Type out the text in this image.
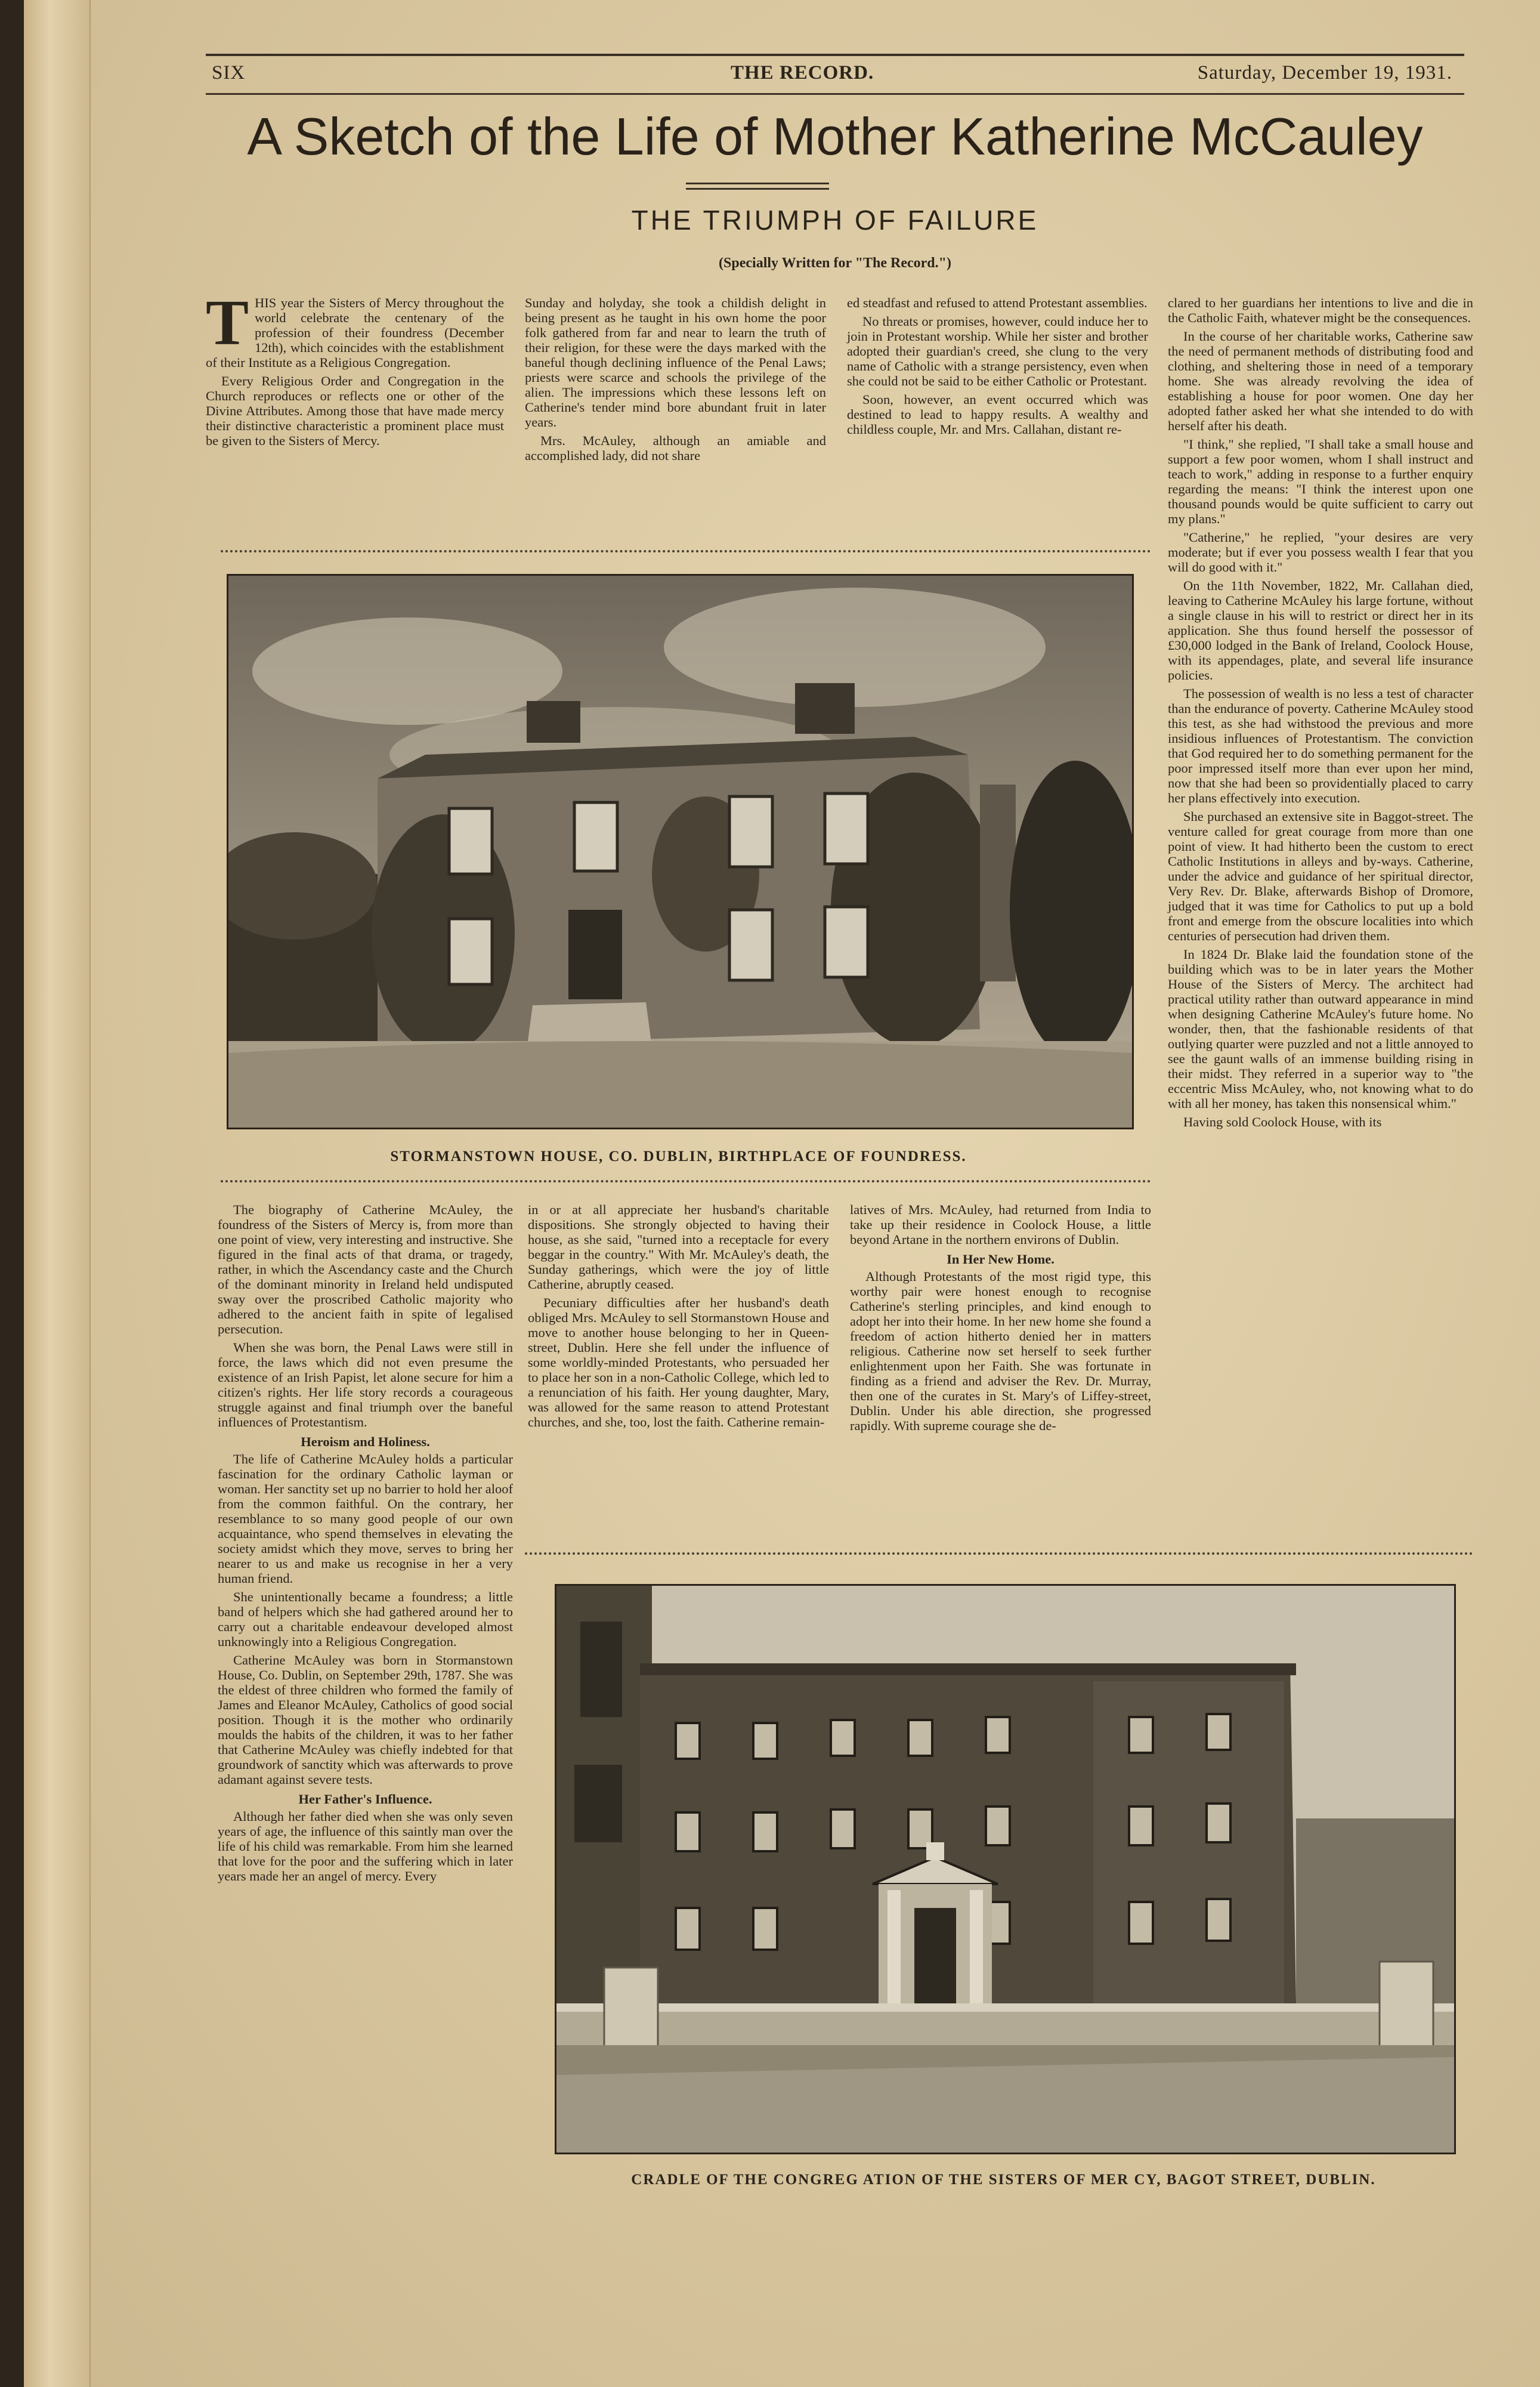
SIX	THE RECORD.	Saturday, December 19, 1931.
A Sketch of the Life of Mother Katherine McCauley
THE TRIUMPH OF FAILURE
(Specially Written for "The Record.")

THIS year the Sisters of Mercy throughout the world celebrate the centenary of the profession of their foundress (December 12th), which coincides with the establishment of their Institute as a Religious Congregation.

Every Religious Order and Congregation in the Church reproduces or reflects one or other of the Divine Attributes. Among those that have made mercy their distinctive characteristic a prominent place must be given to the Sisters of Mercy.

Sunday and holyday, she took a childish delight in being present as he taught in his own home the poor folk gathered from far and near to learn the truth of their religion, for these were the days marked with the baneful though declining influence of the Penal Laws; priests were scarce and schools the privilege of the alien. The impressions which these lessons left on Catherine's tender mind bore abundant fruit in later years.

Mrs. McAuley, although an amiable and accomplished lady, did not share

ed steadfast and refused to attend Protestant assemblies.

No threats or promises, however, could induce her to join in Protestant worship. While her sister and brother adopted their guardian's creed, she clung to the very name of Catholic with a strange persistency, even when she could not be said to be either Catholic or Protestant.

Soon, however, an event occurred which was destined to lead to happy results. A wealthy and childless couple, Mr. and Mrs. Callahan, distant re-

clared to her guardians her intentions to live and die in the Catholic Faith, whatever might be the consequences.

In the course of her charitable works, Catherine saw the need of permanent methods of distributing food and clothing, and sheltering those in need of a temporary home. She was already revolving the idea of establishing a house for poor women. One day her adopted father asked her what she intended to do with herself after his death.

"I think," she replied, "I shall take a small house and support a few poor women, whom I shall instruct and teach to work," adding in response to a further enquiry regarding the means: "I think the interest upon one thousand pounds would be quite sufficient to carry out my plans."

"Catherine," he replied, "your desires are very moderate; but if ever you possess wealth I fear that you will do good with it."

On the 11th November, 1822, Mr. Callahan died, leaving to Catherine McAuley his large fortune, without a single clause in his will to restrict or direct her in its application. She thus found herself the possessor of £30,000 lodged in the Bank of Ireland, Coolock House, with its appendages, plate, and several life insurance policies.

The possession of wealth is no less a test of character than the endurance of poverty. Catherine McAuley stood this test, as she had withstood the previous and more insidious influences of Protestantism. The conviction that God required her to do something permanent for the poor impressed itself more than ever upon her mind, now that she had been so providentially placed to carry her plans effectively into execution.

She purchased an extensive site in Baggot-street. The venture called for great courage from more than one point of view. It had hitherto been the custom to erect Catholic Institutions in alleys and by-ways. Catherine, under the advice and guidance of her spiritual director, Very Rev. Dr. Blake, afterwards Bishop of Dromore, judged that it was time for Catholics to put up a bold front and emerge from the obscure localities into which centuries of persecution had driven them.

In 1824 Dr. Blake laid the foundation stone of the building which was to be in later years the Mother House of the Sisters of Mercy. The architect had practical utility rather than outward appearance in mind when designing Catherine McAuley's future home. No wonder, then, that the fashionable residents of that outlying quarter were puzzled and not a little annoyed to see the gaunt walls of an immense building rising in their midst. They referred in a superior way to "the eccentric Miss McAuley, who, not knowing what to do with all her money, has taken this nonsensical whim."

Having sold Coolock House, with its

STORMANSTOWN HOUSE, CO. DUBLIN, BIRTHPLACE OF FOUNDRESS.

The biography of Catherine McAuley, the foundress of the Sisters of Mercy is, from more than one point of view, very interesting and instructive. She figured in the final acts of that drama, or tragedy, rather, in which the Ascendancy caste and the Church of the dominant minority in Ireland held undisputed sway over the proscribed Catholic majority who adhered to the ancient faith in spite of legalised persecution.

When she was born, the Penal Laws were still in force, the laws which did not even presume the existence of an Irish Papist, let alone secure for him a citizen's rights. Her life story records a courageous struggle against and final triumph over the baneful influences of Protestantism.

Heroism and Holiness.

The life of Catherine McAuley holds a particular fascination for the ordinary Catholic layman or woman. Her sanctity set up no barrier to hold her aloof from the common faithful. On the contrary, her resemblance to so many good people of our own acquaintance, who spend themselves in elevating the society amidst which they move, serves to bring her nearer to us and make us recognise in her a very human friend.

She unintentionally became a foundress; a little band of helpers which she had gathered around her to carry out a charitable endeavour developed almost unknowingly into a Religious Congregation.

Catherine McAuley was born in Stormanstown House, Co. Dublin, on September 29th, 1787. She was the eldest of three children who formed the family of James and Eleanor McAuley, Catholics of good social position. Though it is the mother who ordinarily moulds the habits of the children, it was to her father that Catherine McAuley was chiefly indebted for that groundwork of sanctity which was afterwards to prove adamant against severe tests.

Her Father's Influence.

Although her father died when she was only seven years of age, the influence of this saintly man over the life of his child was remarkable. From him she learned that love for the poor and the suffering which in later years made her an angel of mercy. Every

in or at all appreciate her husband's charitable dispositions. She strongly objected to having their house, as she said, "turned into a receptacle for every beggar in the country." With Mr. McAuley's death, the Sunday gatherings, which were the joy of little Catherine, abruptly ceased.

Pecuniary difficulties after her husband's death obliged Mrs. McAuley to sell Stormanstown House and move to another house belonging to her in Queen-street, Dublin. Here she fell under the influence of some worldly-minded Protestants, who persuaded her to place her son in a non-Catholic College, which led to a renunciation of his faith. Her young daughter, Mary, was allowed for the same reason to attend Protestant churches, and she, too, lost the faith. Catherine remain-

latives of Mrs. McAuley, had returned from India to take up their residence in Coolock House, a little beyond Artane in the northern environs of Dublin.

In Her New Home.

Although Protestants of the most rigid type, this worthy pair were honest enough to recognise Catherine's sterling principles, and kind enough to adopt her into their home. In her new home she found a freedom of action hitherto denied her in matters religious. Catherine now set herself to seek further enlightenment upon her Faith. She was fortunate in finding as a friend and adviser the Rev. Dr. Murray, then one of the curates in St. Mary's of Liffey-street, Dublin. Under his able direction, she progressed rapidly. With supreme courage she de-

CRADLE OF THE CONGREG ATION OF THE SISTERS OF MER CY, BAGOT STREET, DUBLIN.
